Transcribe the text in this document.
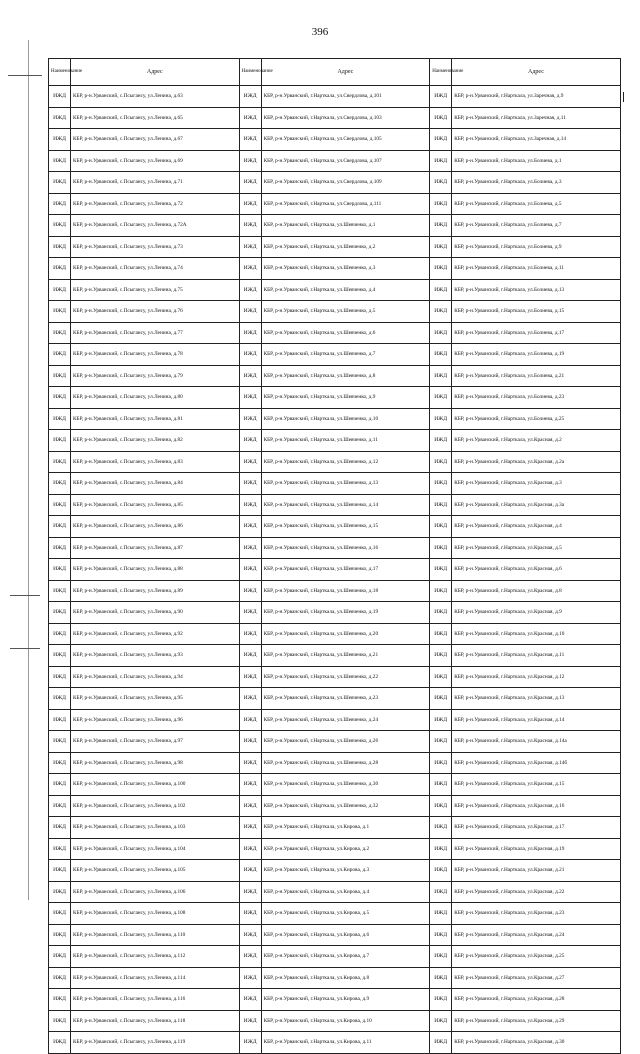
396
Наименование	Адрес	Наименование	Адрес	Наименование	Адрес
ИЖД	КБР, р-н.Урванский, с.Псыгансу, ул.Ленина, д.63	ИЖД	КБР, р-н.Урванский, г.Нарткала, ул.Свердлова, д.101	ИЖД	КБР, р-н.Урванский, г.Нарткала, ул.Заречная, д.9
ИЖД	КБР, р-н.Урванский, с.Псыгансу, ул.Ленина, д.65	ИЖД	КБР, р-н.Урванский, г.Нарткала, ул.Свердлова, д.103	ИЖД	КБР, р-н.Урванский, г.Нарткала, ул.Заречная, д.11
ИЖД	КБР, р-н.Урванский, с.Псыгансу, ул.Ленина, д.67	ИЖД	КБР, р-н.Урванский, г.Нарткала, ул.Свердлова, д.105	ИЖД	КБР, р-н.Урванский, г.Нарткала, ул.Заречная, д.14
ИЖД	КБР, р-н.Урванский, с.Псыгансу, ул.Ленина, д.69	ИЖД	КБР, р-н.Урванский, г.Нарткала, ул.Свердлова, д.107	ИЖД	КБР, р-н.Урванский, г.Нарткала, ул.Болиева, д.1
ИЖД	КБР, р-н.Урванский, с.Псыгансу, ул.Ленина, д.71	ИЖД	КБР, р-н.Урванский, г.Нарткала, ул.Свердлова, д.109	ИЖД	КБР, р-н.Урванский, г.Нарткала, ул.Болиева, д.3
ИЖД	КБР, р-н.Урванский, с.Псыгансу, ул.Ленина, д.72	ИЖД	КБР, р-н.Урванский, г.Нарткала, ул.Свердлова, д.111	ИЖД	КБР, р-н.Урванский, г.Нарткала, ул.Болиева, д.5
ИЖД	КБР, р-н.Урванский, с.Псыгансу, ул.Ленина, д.72А	ИЖД	КБР, р-н.Урванский, г.Нарткала, ул.Шевченко, д.1	ИЖД	КБР, р-н.Урванский, г.Нарткала, ул.Болиева, д.7
ИЖД	КБР, р-н.Урванский, с.Псыгансу, ул.Ленина, д.73	ИЖД	КБР, р-н.Урванский, г.Нарткала, ул.Шевченко, д.2	ИЖД	КБР, р-н.Урванский, г.Нарткала, ул.Болиева, д.9
ИЖД	КБР, р-н.Урванский, с.Псыгансу, ул.Ленина, д.74	ИЖД	КБР, р-н.Урванский, г.Нарткала, ул.Шевченко, д.3	ИЖД	КБР, р-н.Урванский, г.Нарткала, ул.Болиева, д.11
ИЖД	КБР, р-н.Урванский, с.Псыгансу, ул.Ленина, д.75	ИЖД	КБР, р-н.Урванский, г.Нарткала, ул.Шевченко, д.4	ИЖД	КБР, р-н.Урванский, г.Нарткала, ул.Болиева, д.13
ИЖД	КБР, р-н.Урванский, с.Псыгансу, ул.Ленина, д.76	ИЖД	КБР, р-н.Урванский, г.Нарткала, ул.Шевченко, д.5	ИЖД	КБР, р-н.Урванский, г.Нарткала, ул.Болиева, д.15
ИЖД	КБР, р-н.Урванский, с.Псыгансу, ул.Ленина, д.77	ИЖД	КБР, р-н.Урванский, г.Нарткала, ул.Шевченко, д.6	ИЖД	КБР, р-н.Урванский, г.Нарткала, ул.Болиева, д.17
ИЖД	КБР, р-н.Урванский, с.Псыгансу, ул.Ленина, д.78	ИЖД	КБР, р-н.Урванский, г.Нарткала, ул.Шевченко, д.7	ИЖД	КБР, р-н.Урванский, г.Нарткала, ул.Болиева, д.19
ИЖД	КБР, р-н.Урванский, с.Псыгансу, ул.Ленина, д.79	ИЖД	КБР, р-н.Урванский, г.Нарткала, ул.Шевченко, д.8	ИЖД	КБР, р-н.Урванский, г.Нарткала, ул.Болиева, д.21
ИЖД	КБР, р-н.Урванский, с.Псыгансу, ул.Ленина, д.80	ИЖД	КБР, р-н.Урванский, г.Нарткала, ул.Шевченко, д.9	ИЖД	КБР, р-н.Урванский, г.Нарткала, ул.Болиева, д.23
ИЖД	КБР, р-н.Урванский, с.Псыгансу, ул.Ленина, д.81	ИЖД	КБР, р-н.Урванский, г.Нарткала, ул.Шевченко, д.10	ИЖД	КБР, р-н.Урванский, г.Нарткала, ул.Болиева, д.25
ИЖД	КБР, р-н.Урванский, с.Псыгансу, ул.Ленина, д.82	ИЖД	КБР, р-н.Урванский, г.Нарткала, ул.Шевченко, д.11	ИЖД	КБР, р-н.Урванский, г.Нарткала, ул.Красная, д.2
ИЖД	КБР, р-н.Урванский, с.Псыгансу, ул.Ленина, д.83	ИЖД	КБР, р-н.Урванский, г.Нарткала, ул.Шевченко, д.12	ИЖД	КБР, р-н.Урванский, г.Нарткала, ул.Красная, д.2а
ИЖД	КБР, р-н.Урванский, с.Псыгансу, ул.Ленина, д.84	ИЖД	КБР, р-н.Урванский, г.Нарткала, ул.Шевченко, д.13	ИЖД	КБР, р-н.Урванский, г.Нарткала, ул.Красная, д.3
ИЖД	КБР, р-н.Урванский, с.Псыгансу, ул.Ленина, д.85	ИЖД	КБР, р-н.Урванский, г.Нарткала, ул.Шевченко, д.14	ИЖД	КБР, р-н.Урванский, г.Нарткала, ул.Красная, д.3а
ИЖД	КБР, р-н.Урванский, с.Псыгансу, ул.Ленина, д.86	ИЖД	КБР, р-н.Урванский, г.Нарткала, ул.Шевченко, д.15	ИЖД	КБР, р-н.Урванский, г.Нарткала, ул.Красная, д.4
ИЖД	КБР, р-н.Урванский, с.Псыгансу, ул.Ленина, д.87	ИЖД	КБР, р-н.Урванский, г.Нарткала, ул.Шевченко, д.16	ИЖД	КБР, р-н.Урванский, г.Нарткала, ул.Красная, д.5
ИЖД	КБР, р-н.Урванский, с.Псыгансу, ул.Ленина, д.88	ИЖД	КБР, р-н.Урванский, г.Нарткала, ул.Шевченко, д.17	ИЖД	КБР, р-н.Урванский, г.Нарткала, ул.Красная, д.6
ИЖД	КБР, р-н.Урванский, с.Псыгансу, ул.Ленина, д.89	ИЖД	КБР, р-н.Урванский, г.Нарткала, ул.Шевченко, д.18	ИЖД	КБР, р-н.Урванский, г.Нарткала, ул.Красная, д.8
ИЖД	КБР, р-н.Урванский, с.Псыгансу, ул.Ленина, д.90	ИЖД	КБР, р-н.Урванский, г.Нарткала, ул.Шевченко, д.19	ИЖД	КБР, р-н.Урванский, г.Нарткала, ул.Красная, д.9
ИЖД	КБР, р-н.Урванский, с.Псыгансу, ул.Ленина, д.92	ИЖД	КБР, р-н.Урванский, г.Нарткала, ул.Шевченко, д.20	ИЖД	КБР, р-н.Урванский, г.Нарткала, ул.Красная, д.10
ИЖД	КБР, р-н.Урванский, с.Псыгансу, ул.Ленина, д.93	ИЖД	КБР, р-н.Урванский, г.Нарткала, ул.Шевченко, д.21	ИЖД	КБР, р-н.Урванский, г.Нарткала, ул.Красная, д.11
ИЖД	КБР, р-н.Урванский, с.Псыгансу, ул.Ленина, д.94	ИЖД	КБР, р-н.Урванский, г.Нарткала, ул.Шевченко, д.22	ИЖД	КБР, р-н.Урванский, г.Нарткала, ул.Красная, д.12
ИЖД	КБР, р-н.Урванский, с.Псыгансу, ул.Ленина, д.95	ИЖД	КБР, р-н.Урванский, г.Нарткала, ул.Шевченко, д.23	ИЖД	КБР, р-н.Урванский, г.Нарткала, ул.Красная, д.13
ИЖД	КБР, р-н.Урванский, с.Псыгансу, ул.Ленина, д.96	ИЖД	КБР, р-н.Урванский, г.Нарткала, ул.Шевченко, д.24	ИЖД	КБР, р-н.Урванский, г.Нарткала, ул.Красная, д.14
ИЖД	КБР, р-н.Урванский, с.Псыгансу, ул.Ленина, д.97	ИЖД	КБР, р-н.Урванский, г.Нарткала, ул.Шевченко, д.26	ИЖД	КБР, р-н.Урванский, г.Нарткала, ул.Красная, д.14а
ИЖД	КБР, р-н.Урванский, с.Псыгансу, ул.Ленина, д.98	ИЖД	КБР, р-н.Урванский, г.Нарткала, ул.Шевченко, д.28	ИЖД	КБР, р-н.Урванский, г.Нарткала, ул.Красная, д.14б
ИЖД	КБР, р-н.Урванский, с.Псыгансу, ул.Ленина, д.100	ИЖД	КБР, р-н.Урванский, г.Нарткала, ул.Шевченко, д.30	ИЖД	КБР, р-н.Урванский, г.Нарткала, ул.Красная, д.15
ИЖД	КБР, р-н.Урванский, с.Псыгансу, ул.Ленина, д.102	ИЖД	КБР, р-н.Урванский, г.Нарткала, ул.Шевченко, д.32	ИЖД	КБР, р-н.Урванский, г.Нарткала, ул.Красная, д.16
ИЖД	КБР, р-н.Урванский, с.Псыгансу, ул.Ленина, д.103	ИЖД	КБР, р-н.Урванский, г.Нарткала, ул.Кирова, д.1	ИЖД	КБР, р-н.Урванский, г.Нарткала, ул.Красная, д.17
ИЖД	КБР, р-н.Урванский, с.Псыгансу, ул.Ленина, д.104	ИЖД	КБР, р-н.Урванский, г.Нарткала, ул.Кирова, д.2	ИЖД	КБР, р-н.Урванский, г.Нарткала, ул.Красная, д.19
ИЖД	КБР, р-н.Урванский, с.Псыгансу, ул.Ленина, д.105	ИЖД	КБР, р-н.Урванский, г.Нарткала, ул.Кирова, д.3	ИЖД	КБР, р-н.Урванский, г.Нарткала, ул.Красная, д.21
ИЖД	КБР, р-н.Урванский, с.Псыгансу, ул.Ленина, д.106	ИЖД	КБР, р-н.Урванский, г.Нарткала, ул.Кирова, д.4	ИЖД	КБР, р-н.Урванский, г.Нарткала, ул.Красная, д.22
ИЖД	КБР, р-н.Урванский, с.Псыгансу, ул.Ленина, д.108	ИЖД	КБР, р-н.Урванский, г.Нарткала, ул.Кирова, д.5	ИЖД	КБР, р-н.Урванский, г.Нарткала, ул.Красная, д.23
ИЖД	КБР, р-н.Урванский, с.Псыгансу, ул.Ленина, д.110	ИЖД	КБР, р-н.Урванский, г.Нарткала, ул.Кирова, д.6	ИЖД	КБР, р-н.Урванский, г.Нарткала, ул.Красная, д.24
ИЖД	КБР, р-н.Урванский, с.Псыгансу, ул.Ленина, д.112	ИЖД	КБР, р-н.Урванский, г.Нарткала, ул.Кирова, д.7	ИЖД	КБР, р-н.Урванский, г.Нарткала, ул.Красная, д.25
ИЖД	КБР, р-н.Урванский, с.Псыгансу, ул.Ленина, д.114	ИЖД	КБР, р-н.Урванский, г.Нарткала, ул.Кирова, д.8	ИЖД	КБР, р-н.Урванский, г.Нарткала, ул.Красная, д.27
ИЖД	КБР, р-н.Урванский, с.Псыгансу, ул.Ленина, д.116	ИЖД	КБР, р-н.Урванский, г.Нарткала, ул.Кирова, д.9	ИЖД	КБР, р-н.Урванский, г.Нарткала, ул.Красная, д.28
ИЖД	КБР, р-н.Урванский, с.Псыгансу, ул.Ленина, д.118	ИЖД	КБР, р-н.Урванский, г.Нарткала, ул.Кирова, д.10	ИЖД	КБР, р-н.Урванский, г.Нарткала, ул.Красная, д.29
ИЖД	КБР, р-н.Урванский, с.Псыгансу, ул.Ленина, д.119	ИЖД	КБР, р-н.Урванский, г.Нарткала, ул.Кирова, д.11	ИЖД	КБР, р-н.Урванский, г.Нарткала, ул.Красная, д.30
